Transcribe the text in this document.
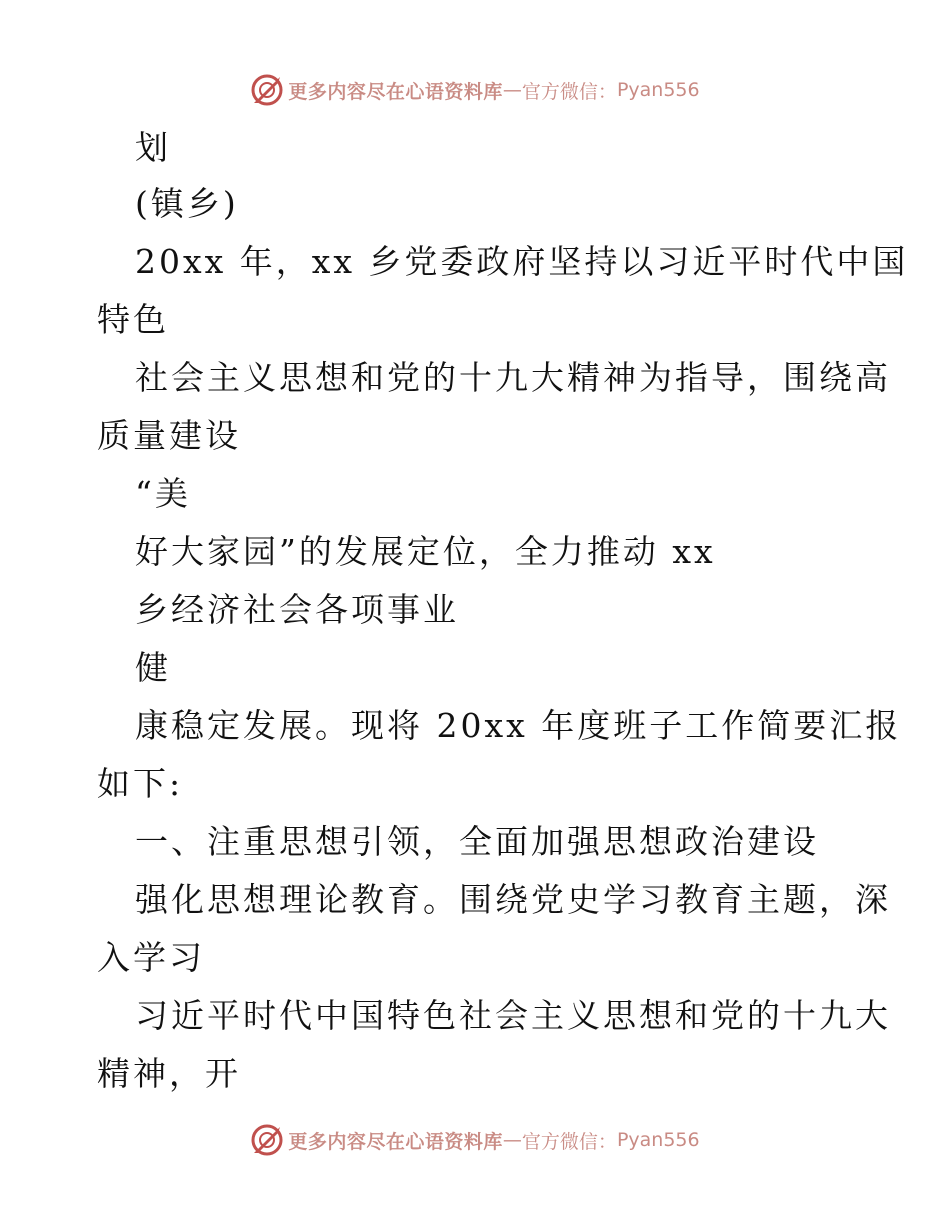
更多内容尽在心语资料库 — 官方微信： Pyan556
划
(镇乡)
20xx 年，xx 乡党委政府坚持以习近平时代中国
特色
社会主义思想和党的十九大精神为指导，围绕高
质量建设
“美
好大家园”的发展定位，全力推动 xx
乡经济社会各项事业
健
康稳定发展。现将 20xx 年度班子工作简要汇报
如下:
一、注重思想引领，全面加强思想政治建设
强化思想理论教育。围绕党史学习教育主题，深
入学习
习近平时代中国特色社会主义思想和党的十九大
精神，开
更多内容尽在心语资料库 — 官方微信： Pyan556
